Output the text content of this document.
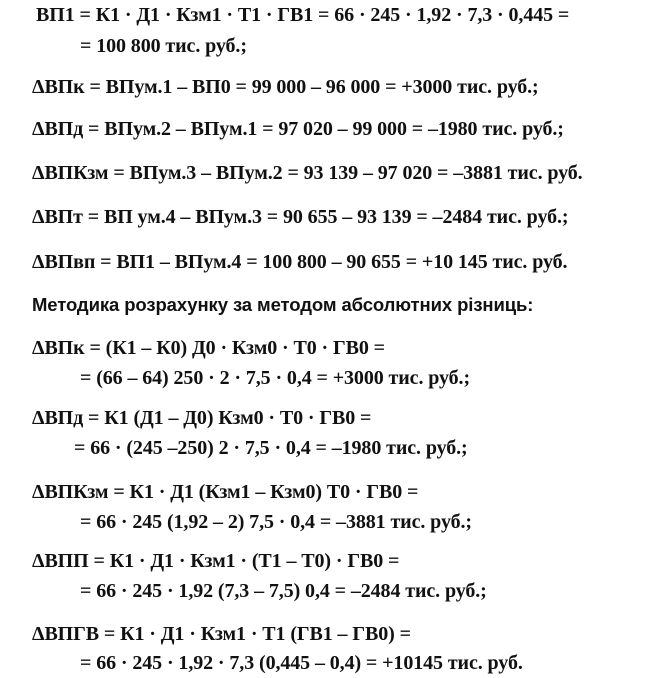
ВП1 = К1 · Д1 · Кзм1 · Т1 · ГВ1 = 66 · 245 · 1,92 · 7,3 · 0,445 =
= 100 800 тис. руб.;
ΔВПк = ВПум.1 – ВП0 = 99 000 – 96 000 = +3000 тис. руб.;
ΔВПд = ВПум.2 – ВПум.1 = 97 020 – 99 000 = –1980 тис. руб.;
ΔВПКзм = ВПум.3 – ВПум.2 = 93 139 – 97 020 = –3881 тис. руб.
ΔВПт = ВП ум.4 – ВПум.3 = 90 655 – 93 139 = –2484 тис. руб.;
ΔВПвп = ВП1 – ВПум.4 = 100 800 – 90 655 = +10 145 тис. руб.
Методика розрахунку за методом абсолютних різниць:
ΔВПк = (К1 – К0) Д0 · Кзм0 · Т0 · ГВ0 =
= (66 – 64) 250 · 2 · 7,5 · 0,4 = +3000 тис. руб.;
ΔВПд = К1 (Д1 – Д0) Кзм0 · Т0 · ГВ0 =
= 66 · (245 –250) 2 · 7,5 · 0,4 = –1980 тис. руб.;
ΔВПКзм = К1 · Д1 (Кзм1 – Кзм0) Т0 · ГВ0 =
= 66 · 245 (1,92 – 2) 7,5 · 0,4 = –3881 тис. руб.;
ΔВПП = К1 · Д1 · Кзм1 · (Т1 – Т0) · ГВ0 =
= 66 · 245 · 1,92 (7,3 – 7,5) 0,4 = –2484 тис. руб.;
ΔВПГВ = К1 · Д1 · Кзм1 · Т1 (ГВ1 – ГВ0) =
= 66 · 245 · 1,92 · 7,3 (0,445 – 0,4) = +10145 тис. руб.
